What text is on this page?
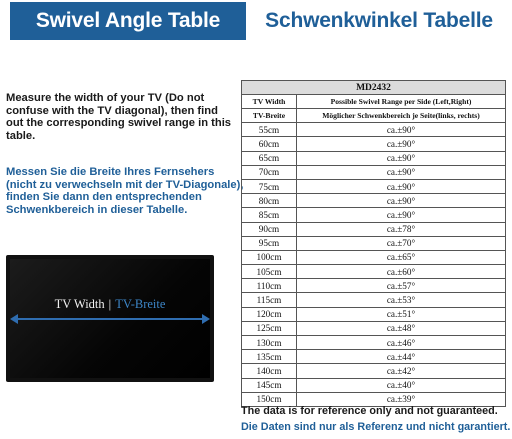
Swivel Angle Table	Schwenkwinkel Tabelle
Measure the width of your TV (Do not confuse with the TV diagonal), then find out the corresponding swivel range in this table.
Messen Sie die Breite Ihres Fernsehers (nicht zu verwechseln mit der TV-Diagonale), finden Sie dann den entsprechenden Schwenkbereich in dieser Tabelle.
TV Width | TV-Breite
MD2432	
TV Width	Possible Swivel Range per Side (Left,Right)
TV-Breite	Möglicher Schwenkbereich je Seite(links, rechts)
55cm	ca.±90°
60cm	ca.±90°
65cm	ca.±90°
70cm	ca.±90°
75cm	ca.±90°
80cm	ca.±90°
85cm	ca.±90°
90cm	ca.±78°
95cm	ca.±70°
100cm	ca.±65°
105cm	ca.±60°
110cm	ca.±57°
115cm	ca.±53°
120cm	ca.±51°
125cm	ca.±48°
130cm	ca.±46°
135cm	ca.±44°
140cm	ca.±42°
145cm	ca.±40°
150cm	ca.±39°
The data is for reference only and not guaranteed.
Die Daten sind nur als Referenz und nicht garantiert.
